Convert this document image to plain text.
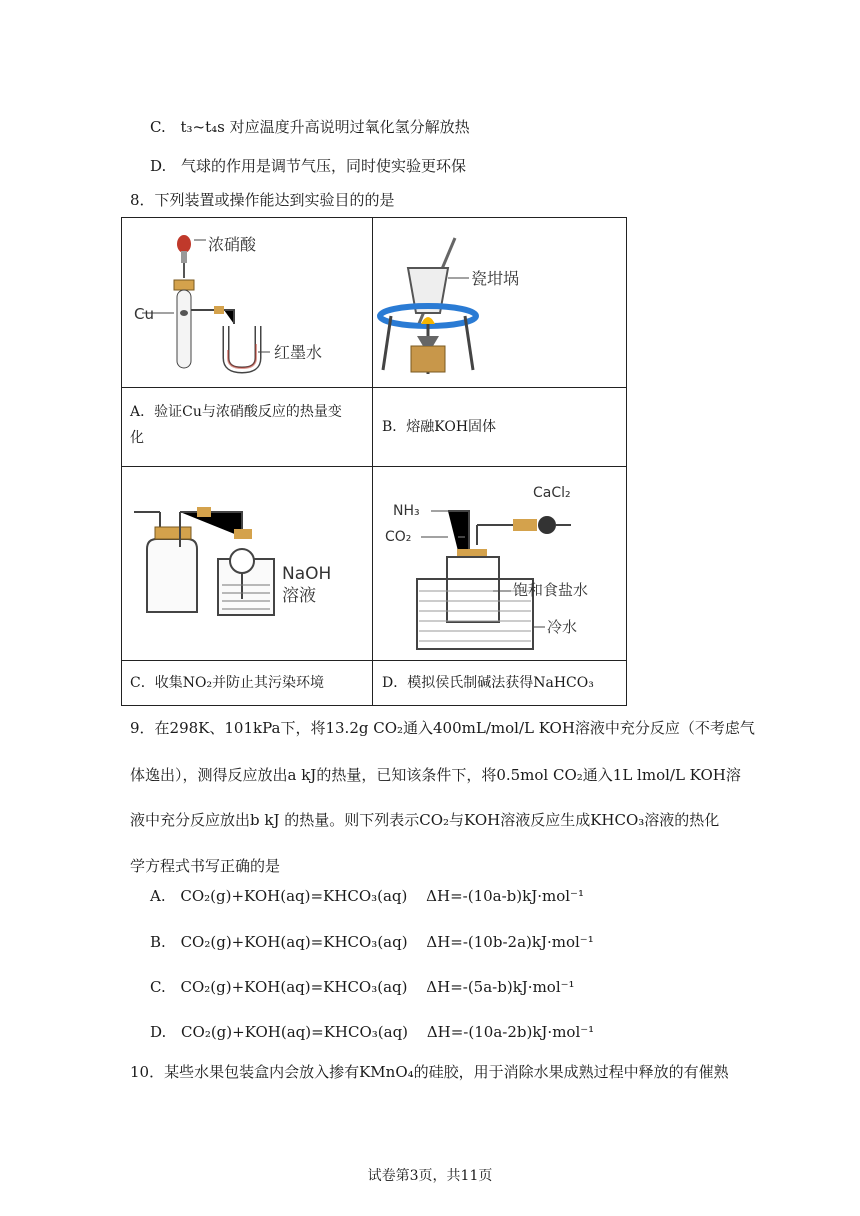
C. t₃~t₄s 对应温度升高说明过氧化氢分解放热
D. 气球的作用是调节气压，同时使实验更环保
8．下列装置或操作能达到实验目的的是
浓硝酸
Cu
红墨水
瓷坩埚
A．验证Cu与浓硝酸反应的热量变
化
B．熔融KOH固体
NaOH
溶液
NH₃
CO₂
CaCl₂
饱和食盐水
冷水
C．收集NO₂并防止其污染环境	D．模拟侯氏制碱法获得NaHCO₃
9．在298K、101kPa下，将13.2g CO₂通入400mL/mol/L KOH溶液中充分反应（不考虑气
体逸出），测得反应放出a kJ的热量，已知该条件下，将0.5mol CO₂通入1L lmol/L KOH溶
液中充分反应放出b kJ 的热量。则下列表示CO₂与KOH溶液反应生成KHCO₃溶液的热化
学方程式书写正确的是
A. CO₂(g)+KOH(aq)=KHCO₃(aq) ΔH=-(10a-b)kJ·mol⁻¹
B. CO₂(g)+KOH(aq)=KHCO₃(aq) ΔH=-(10b-2a)kJ·mol⁻¹
C. CO₂(g)+KOH(aq)=KHCO₃(aq) ΔH=-(5a-b)kJ·mol⁻¹
D. CO₂(g)+KOH(aq)=KHCO₃(aq) ΔH=-(10a-2b)kJ·mol⁻¹
10．某些水果包装盒内会放入掺有KMnO₄的硅胶，用于消除水果成熟过程中释放的有催熟
试卷第3页，共11页
